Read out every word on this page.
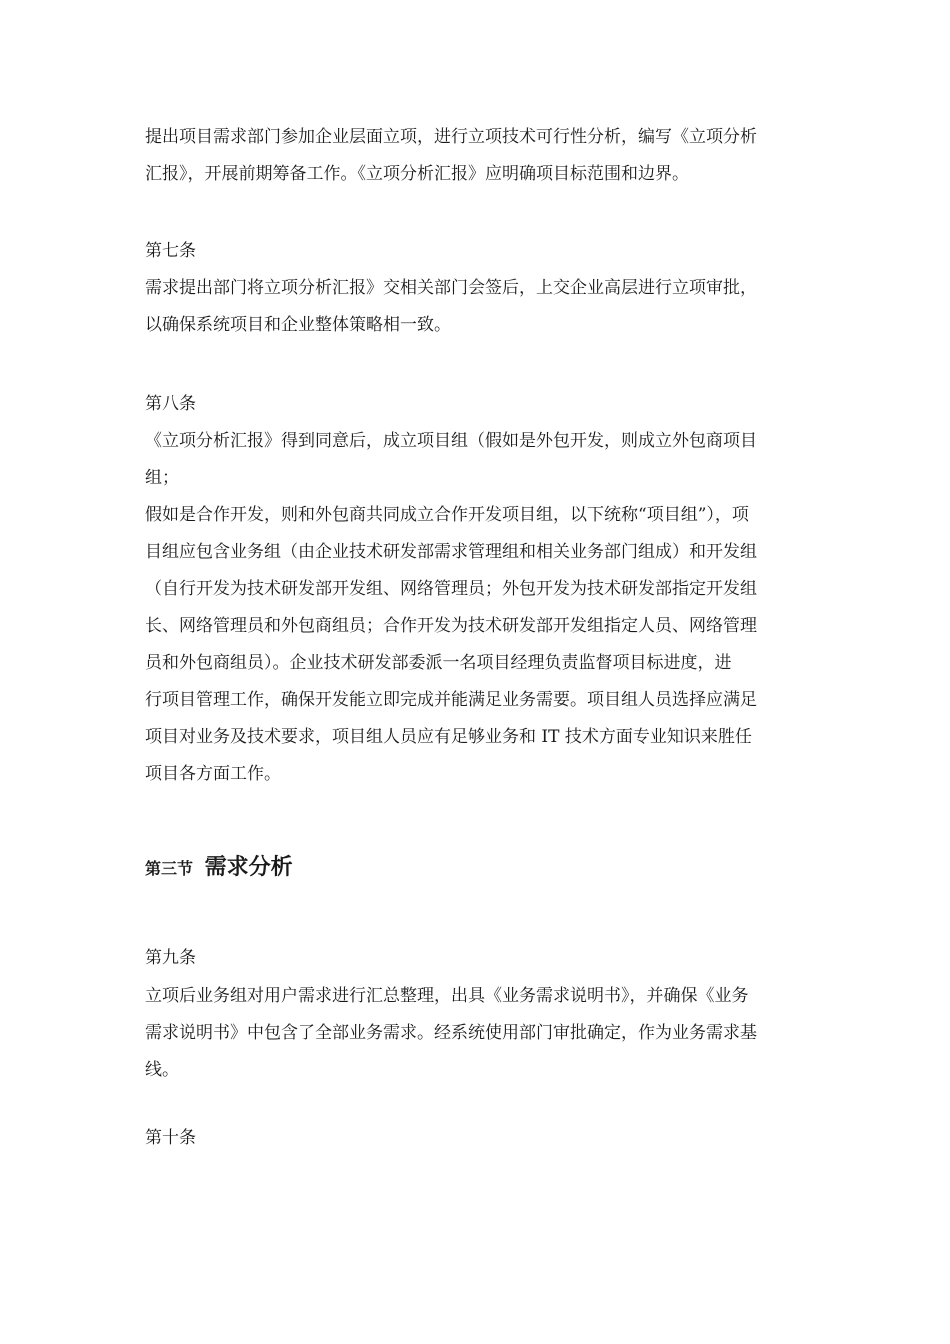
提出项目需求部门参加企业层面立项，进行立项技术可行性分析，编写《立项分析
汇报》，开展前期筹备工作。《立项分析汇报》应明确项目标范围和边界。
第七条
需求提出部门将立项分析汇报》交相关部门会签后，上交企业高层进行立项审批，
以确保系统项目和企业整体策略相一致。
第八条
《立项分析汇报》得到同意后，成立项目组（假如是外包开发，则成立外包商项目
组；
假如是合作开发，则和外包商共同成立合作开发项目组，以下统称“项目组”），项
目组应包含业务组（由企业技术研发部需求管理组和相关业务部门组成）和开发组
（自行开发为技术研发部开发组、网络管理员；外包开发为技术研发部指定开发组
长、网络管理员和外包商组员；合作开发为技术研发部开发组指定人员、网络管理
员和外包商组员）。企业技术研发部委派一名项目经理负责监督项目标进度，进
行项目管理工作，确保开发能立即完成并能满足业务需要。项目组人员选择应满足
项目对业务及技术要求，项目组人员应有足够业务和 IT 技术方面专业知识来胜任
项目各方面工作。
第三节 需求分析
第九条
立项后业务组对用户需求进行汇总整理，出具《业务需求说明书》，并确保《业务
需求说明书》中包含了全部业务需求。经系统使用部门审批确定，作为业务需求基
线。
第十条
